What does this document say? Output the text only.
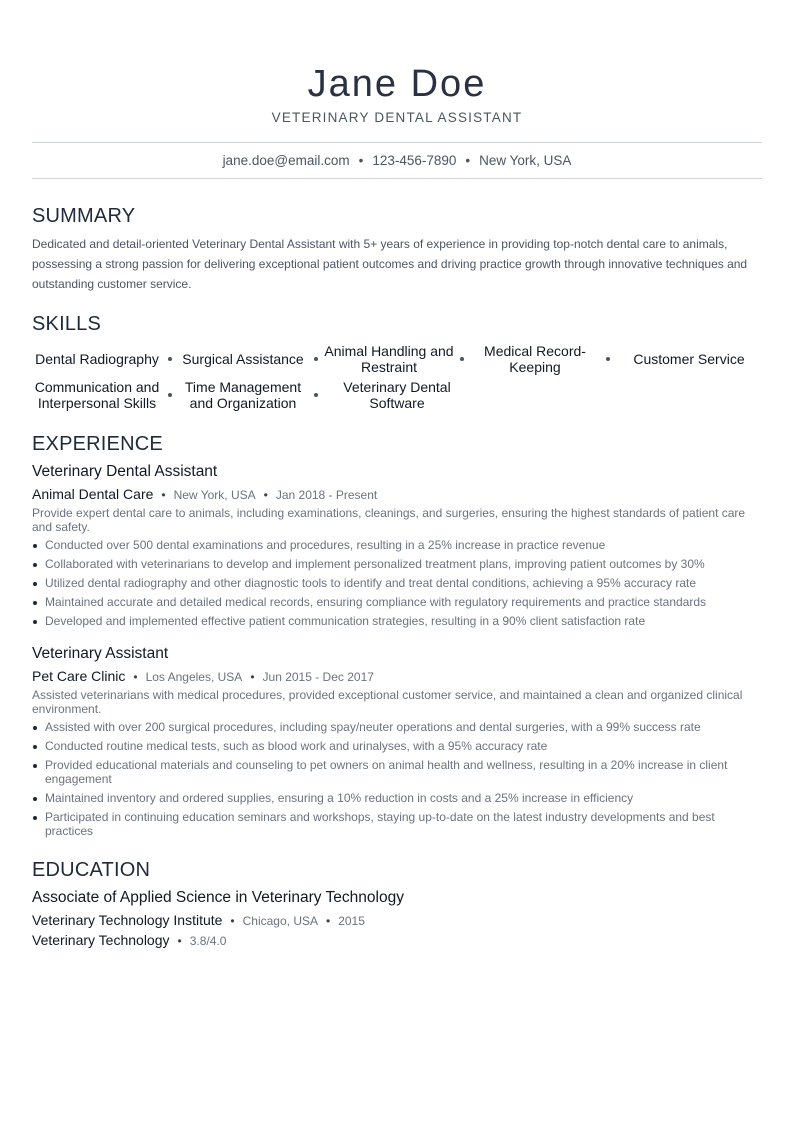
Jane Doe
VETERINARY DENTAL ASSISTANT
jane.doe@email.com • 123-456-7890 • New York, USA
SUMMARY
Dedicated and detail-oriented Veterinary Dental Assistant with 5+ years of experience in providing top-notch dental care to animals, possessing a strong passion for delivering exceptional patient outcomes and driving practice growth through innovative techniques and outstanding customer service.
SKILLS
Dental Radiography	Surgical Assistance	Animal Handling and Restraint
Medical Record-Keeping	Customer Service
Communication and Interpersonal Skills
Time Management and Organization
Veterinary Dental Software
EXPERIENCE
Veterinary Dental Assistant
Animal Dental Care • New York, USA • Jan 2018 - Present
Provide expert dental care to animals, including examinations, cleanings, and surgeries, ensuring the highest standards of patient care and safety.
Conducted over 500 dental examinations and procedures, resulting in a 25% increase in practice revenue
Collaborated with veterinarians to develop and implement personalized treatment plans, improving patient outcomes by 30%
Utilized dental radiography and other diagnostic tools to identify and treat dental conditions, achieving a 95% accuracy rate
Maintained accurate and detailed medical records, ensuring compliance with regulatory requirements and practice standards
Developed and implemented effective patient communication strategies, resulting in a 90% client satisfaction rate
Veterinary Assistant
Pet Care Clinic • Los Angeles, USA • Jun 2015 - Dec 2017
Assisted veterinarians with medical procedures, provided exceptional customer service, and maintained a clean and organized clinical environment.
Assisted with over 200 surgical procedures, including spay/neuter operations and dental surgeries, with a 99% success rate
Conducted routine medical tests, such as blood work and urinalyses, with a 95% accuracy rate
Provided educational materials and counseling to pet owners on animal health and wellness, resulting in a 20% increase in client engagement
Maintained inventory and ordered supplies, ensuring a 10% reduction in costs and a 25% increase in efficiency
Participated in continuing education seminars and workshops, staying up-to-date on the latest industry developments and best practices
EDUCATION
Associate of Applied Science in Veterinary Technology
Veterinary Technology Institute • Chicago, USA • 2015
Veterinary Technology • 3.8/4.0
